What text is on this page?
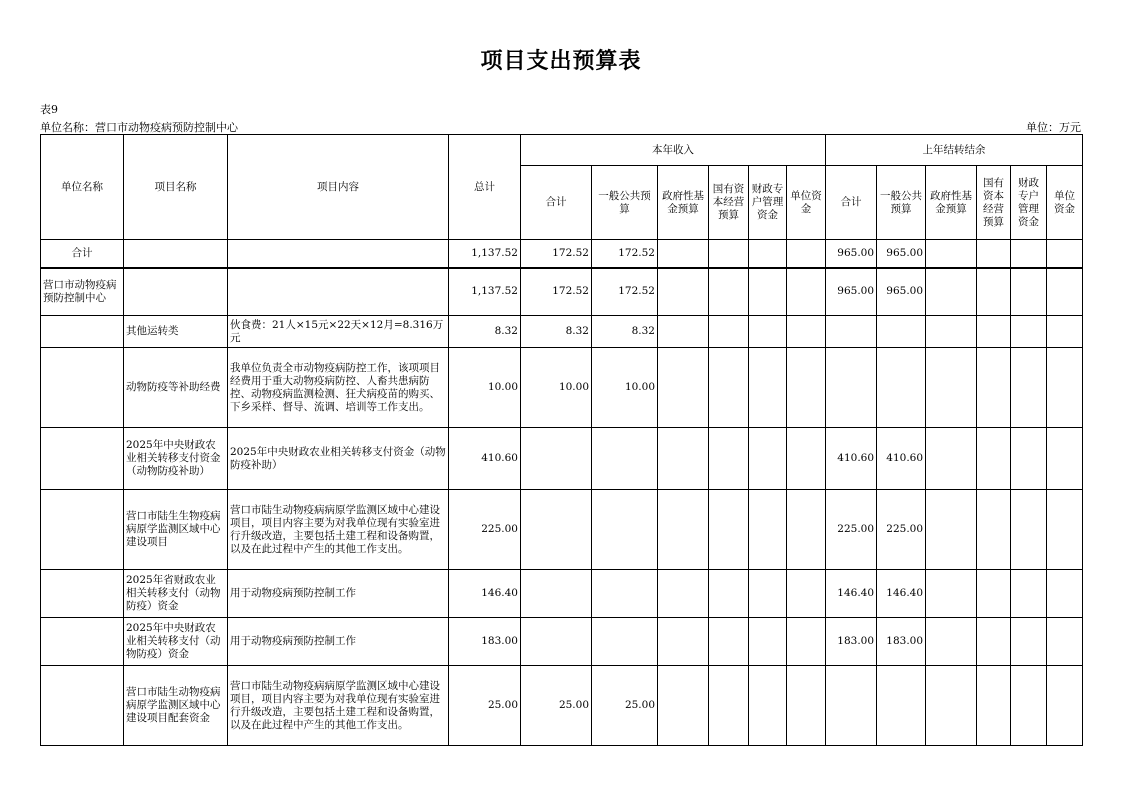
项目支出预算表
表9
单位名称：营口市动物疫病预防控制中心	单位：万元
单位名称	项目名称	项目内容	总计	本年收入						上年结转结余					
				合计	一般公共预算	政府性基金预算	国有资本经营预算	财政专户管理资金	单位资金	合计	一般公共预算	政府性基金预算	国有资本经营预算	财政专户管理资金	单位资金
合计			1,137.52	172.52	172.52					965.00	965.00				
营口市动物疫病预防控制中心			1,137.52	172.52	172.52					965.00	965.00				
	其他运转类	伙食费：21人×15元×22天×12月=8.316万元	8.32	8.32	8.32										
	动物防疫等补助经费	我单位负责全市动物疫病防控工作，该项项目经费用于重大动物疫病防控、人畜共患病防控、动物疫病监测检测、狂犬病疫苗的购买、下乡采样、督导、流调、培训等工作支出。	10.00	10.00	10.00										
	2025年中央财政农业相关转移支付资金（动物防疫补助）	2025年中央财政农业相关转移支付资金（动物防疫补助）	410.60							410.60	410.60				
	营口市陆生生物疫病病原学监测区域中心建设项目	营口市陆生动物疫病病原学监测区域中心建设项目，项目内容主要为对我单位现有实验室进行升级改造，主要包括土建工程和设备购置，以及在此过程中产生的其他工作支出。	225.00							225.00	225.00				
	2025年省财政农业相关转移支付（动物防疫）资金	用于动物疫病预防控制工作	146.40							146.40	146.40				
	2025年中央财政农业相关转移支付（动物防疫）资金	用于动物疫病预防控制工作	183.00							183.00	183.00				
	营口市陆生动物疫病病原学监测区域中心建设项目配套资金	营口市陆生动物疫病病原学监测区域中心建设项目，项目内容主要为对我单位现有实验室进行升级改造，主要包括土建工程和设备购置，以及在此过程中产生的其他工作支出。	25.00	25.00	25.00										
